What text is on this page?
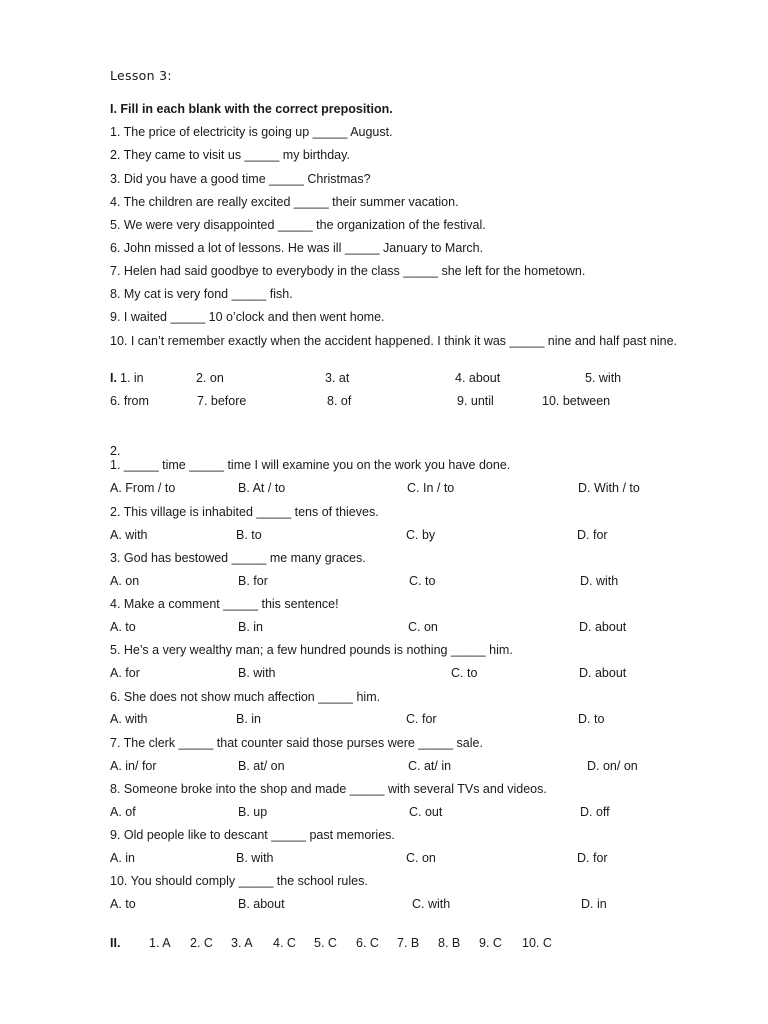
Lesson 3:
I. Fill in each blank with the correct preposition.
1. The price of electricity is going up _____ August.
2. They came to visit us _____ my birthday.
3. Did you have a good time _____ Christmas?
4. The children are really excited _____ their summer vacation.
5. We were very disappointed _____ the organization of the festival.
6. John missed a lot of lessons. He was ill _____ January to March.
7. Helen had said goodbye to everybody in the class _____ she left for the hometown.
8. My cat is very fond _____ fish.
9. I waited _____ 10 o’clock and then went home.
10. I can’t remember exactly when the accident happened. I think it was _____ nine and half past nine.
I. 1. in	2. on	3. at	4. about	5. with
6. from	7. before	8. of	9. until	10. between
2.
1. _____ time _____ time I will examine you on the work you have done.
A. From / to	B. At / to	C. In / to	D. With / to
2. This village is inhabited _____ tens of thieves.
A. with	B. to	C. by	D. for
3. God has bestowed _____ me many graces.
A. on	B. for	C. to	D. with
4. Make a comment _____ this sentence!
A. to	B. in	C. on	D. about
5. He’s a very wealthy man; a few hundred pounds is nothing _____ him.
A. for	B. with	C. to	D. about
6. She does not show much affection _____ him.
A. with	B. in	C. for	D. to
7. The clerk _____ that counter said those purses were _____ sale.
A. in/ for	B. at/ on	C. at/ in	D. on/ on
8. Someone broke into the shop and made _____ with several TVs and videos.
A. of	B. up	C. out	D. off
9. Old people like to descant _____ past memories.
A. in	B. with	C. on	D. for
10. You should comply _____ the school rules.
A. to	B. about	C. with	D. in
II. 1. A 2. C 3. A 4. C 5. C 6. C 7. B 8. B 9. C 10. C
